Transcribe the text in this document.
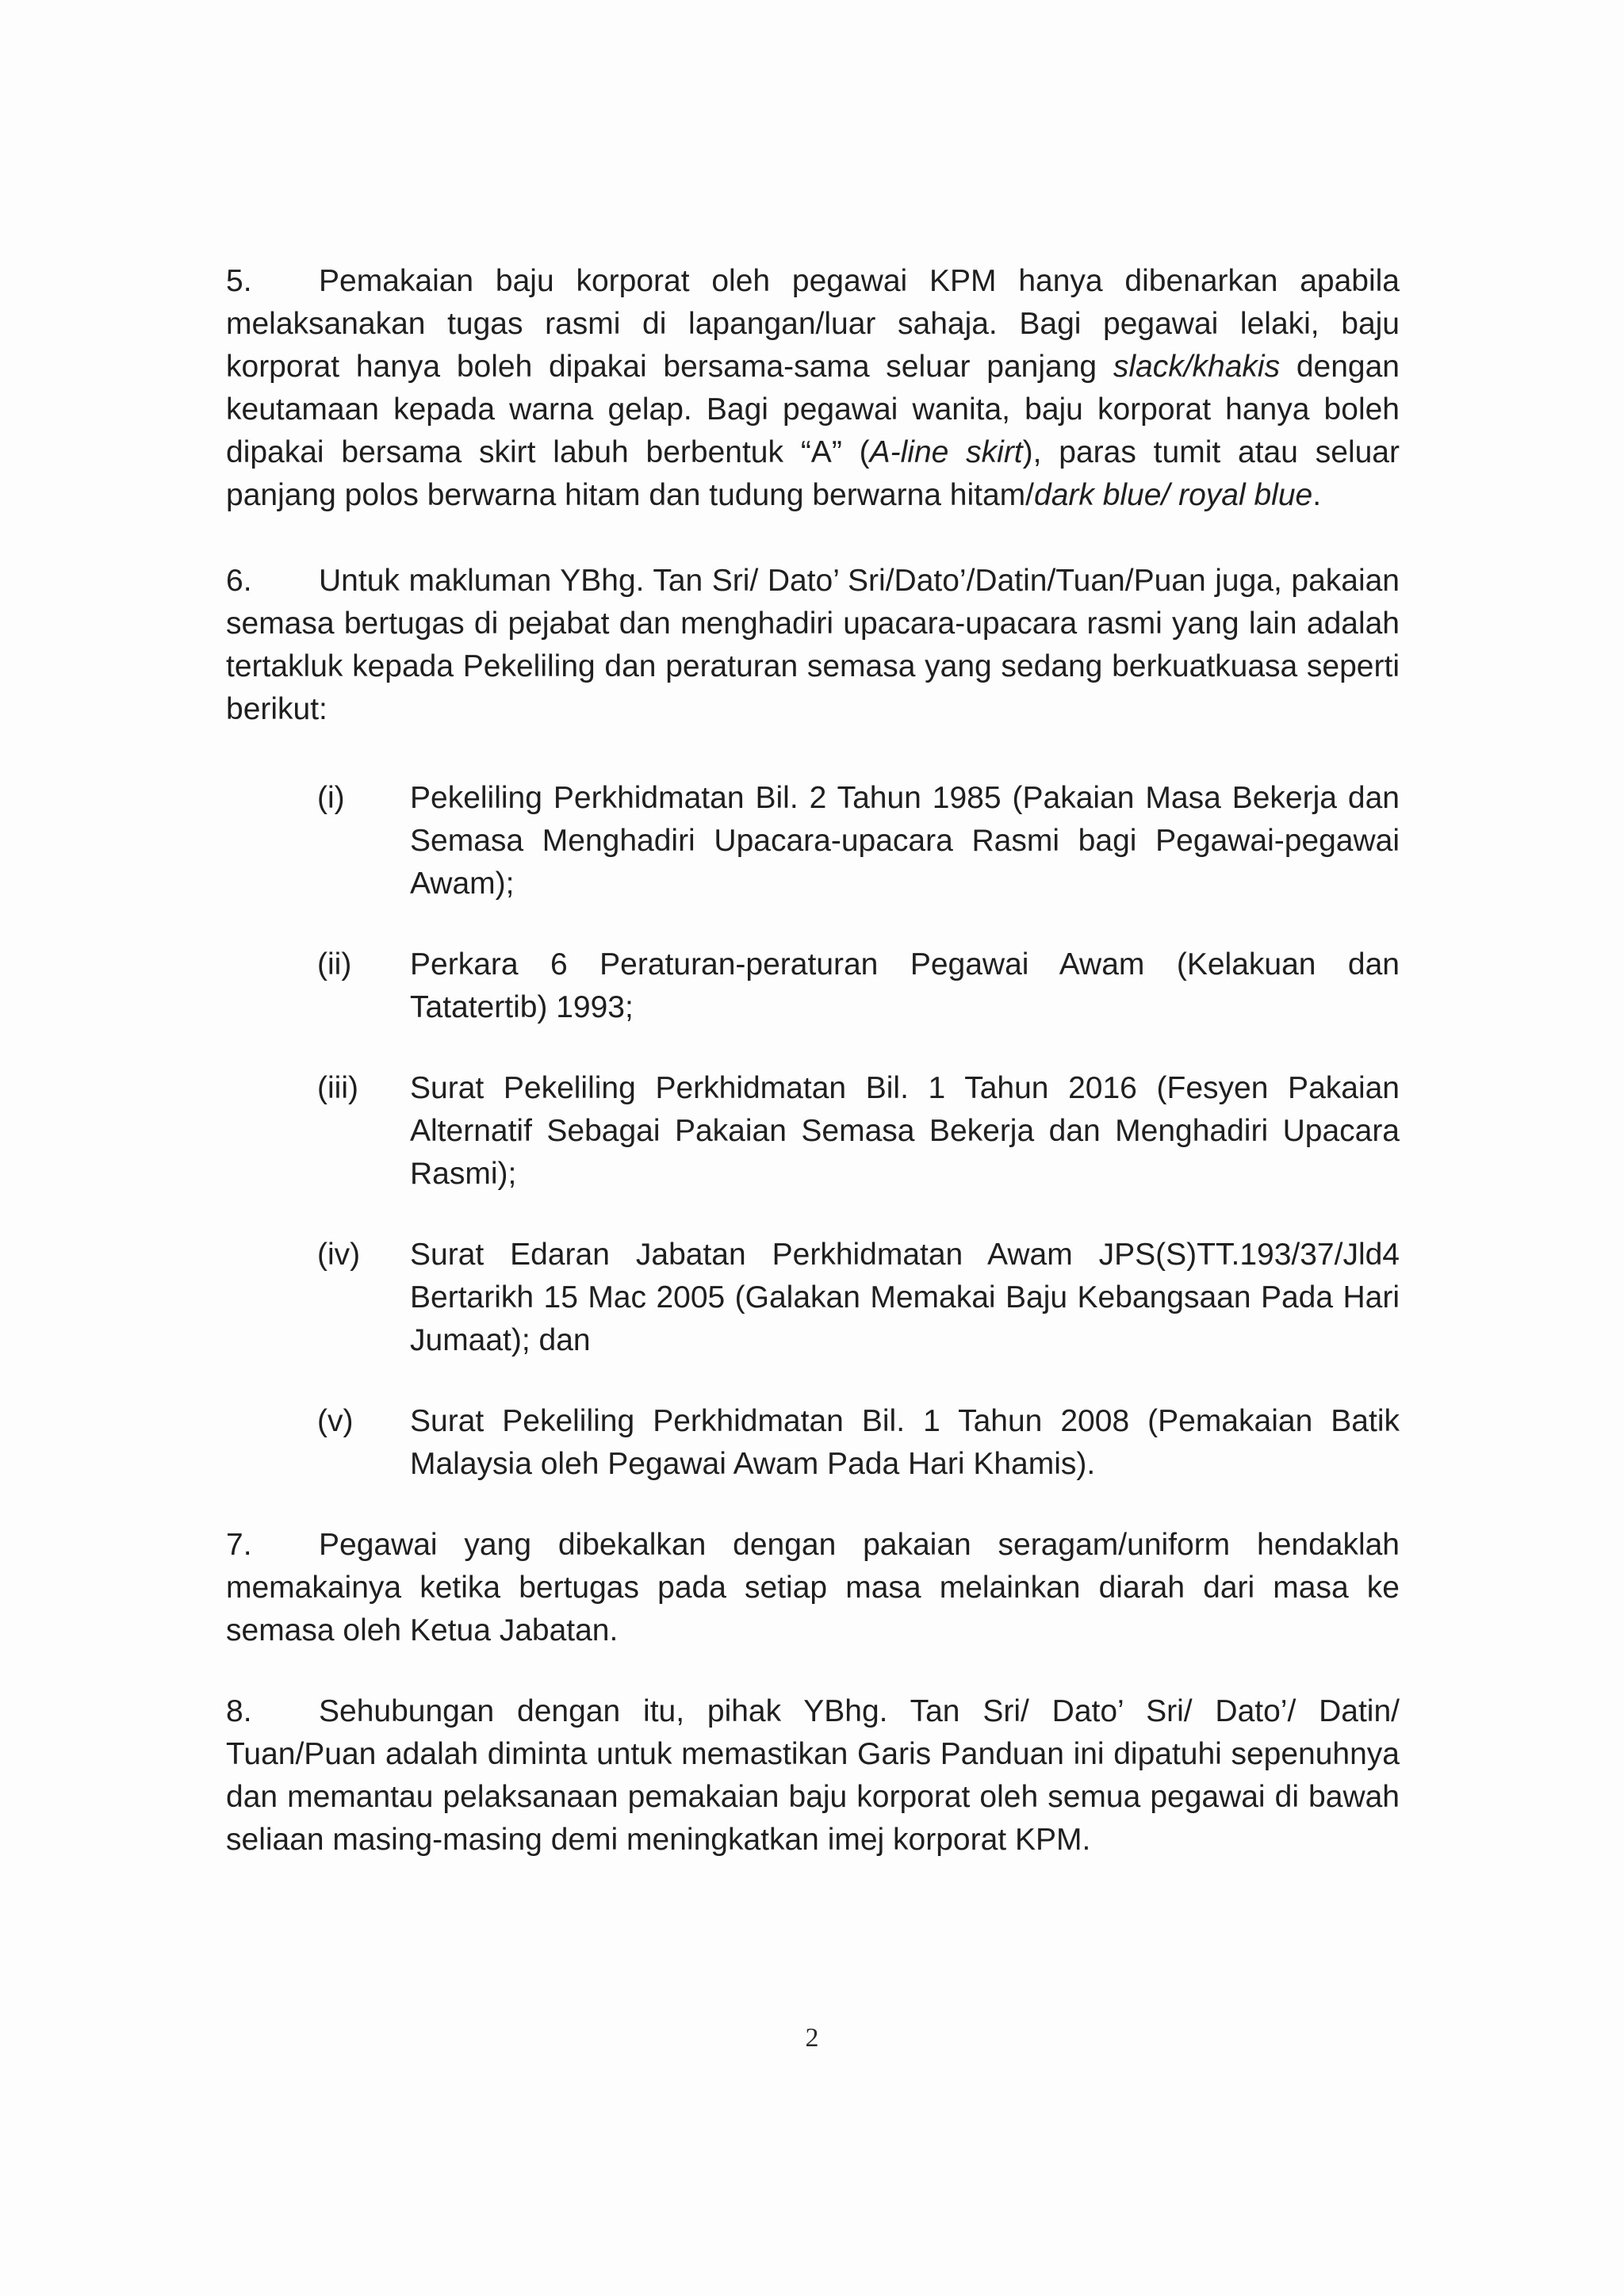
5. Pemakaian baju korporat oleh pegawai KPM hanya dibenarkan apabila melaksanakan tugas rasmi di lapangan/luar sahaja. Bagi pegawai lelaki, baju korporat hanya boleh dipakai bersama-sama seluar panjang slack/khakis dengan keutamaan kepada warna gelap. Bagi pegawai wanita, baju korporat hanya boleh dipakai bersama skirt labuh berbentuk “A” (A-line skirt), paras tumit atau seluar panjang polos berwarna hitam dan tudung berwarna hitam/dark blue/ royal blue.

6. Untuk makluman YBhg. Tan Sri/ Dato’ Sri/Dato’/Datin/Tuan/Puan juga, pakaian semasa bertugas di pejabat dan menghadiri upacara-upacara rasmi yang lain adalah tertakluk kepada Pekeliling dan peraturan semasa yang sedang berkuatkuasa seperti berikut:

(i)	Pekeliling Perkhidmatan Bil. 2 Tahun 1985 (Pakaian Masa Bekerja dan Semasa Menghadiri Upacara-upacara Rasmi bagi Pegawai-pegawai Awam);
(ii)	Perkara 6 Peraturan-peraturan Pegawai Awam (Kelakuan dan Tatatertib) 1993;
(iii)	Surat Pekeliling Perkhidmatan Bil. 1 Tahun 2016 (Fesyen Pakaian Alternatif Sebagai Pakaian Semasa Bekerja dan Menghadiri Upacara Rasmi);
(iv)	Surat Edaran Jabatan Perkhidmatan Awam JPS(S)TT.193/37/Jld4 Bertarikh 15 Mac 2005 (Galakan Memakai Baju Kebangsaan Pada Hari Jumaat); dan
(v)	Surat Pekeliling Perkhidmatan Bil. 1 Tahun 2008 (Pemakaian Batik Malaysia oleh Pegawai Awam Pada Hari Khamis).

7. Pegawai yang dibekalkan dengan pakaian seragam/uniform hendaklah memakainya ketika bertugas pada setiap masa melainkan diarah dari masa ke semasa oleh Ketua Jabatan.

8. Sehubungan dengan itu, pihak YBhg. Tan Sri/ Dato’ Sri/ Dato’/ Datin/ Tuan/Puan adalah diminta untuk memastikan Garis Panduan ini dipatuhi sepenuhnya dan memantau pelaksanaan pemakaian baju korporat oleh semua pegawai di bawah seliaan masing-masing demi meningkatkan imej korporat KPM.

2
